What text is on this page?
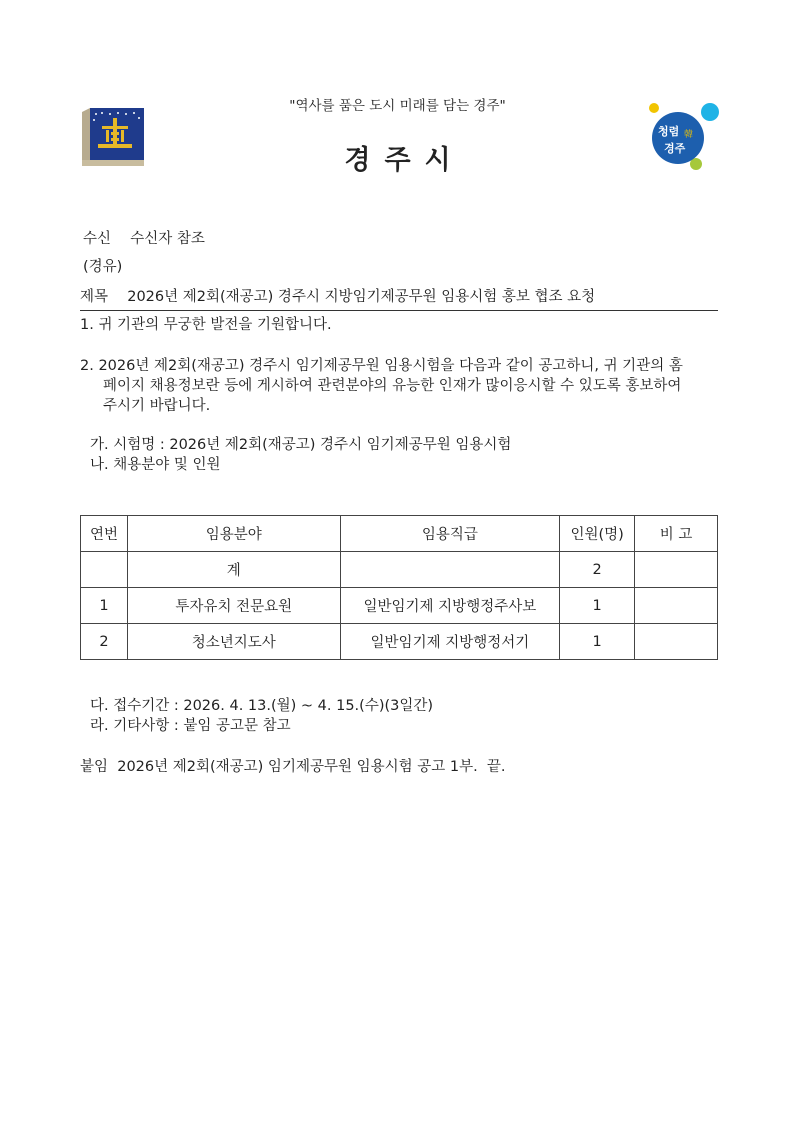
"역사를 품은 도시 미래를 담는 경주"
경주시
청렴 韓
경주
수신 수신자 참조
(경유)
제목 2026년 제2회(재공고) 경주시 지방임기제공무원 임용시험 홍보 협조 요청
1. 귀 기관의 무궁한 발전을 기원합니다.
2. 2026년 제2회(재공고) 경주시 임기제공무원 임용시험을 다음과 같이 공고하니, 귀 기관의 홈
페이지 채용정보란 등에 게시하여 관련분야의 유능한 인재가 많이응시할 수 있도록 홍보하여
주시기 바랍니다.
가. 시험명 : 2026년 제2회(재공고) 경주시 임기제공무원 임용시험
나. 채용분야 및 인원
연번	임용분야	임용직급	인원(명)	비 고
	계		2	
1	투자유치 전문요원	일반임기제 지방행정주사보	1	
2	청소년지도사	일반임기제 지방행정서기	1	
다. 접수기간 : 2026. 4. 13.(월) ~ 4. 15.(수)(3일간)
라. 기타사항 : 붙임 공고문 참고
붙임  2026년 제2회(재공고) 임기제공무원 임용시험 공고 1부.  끝.
